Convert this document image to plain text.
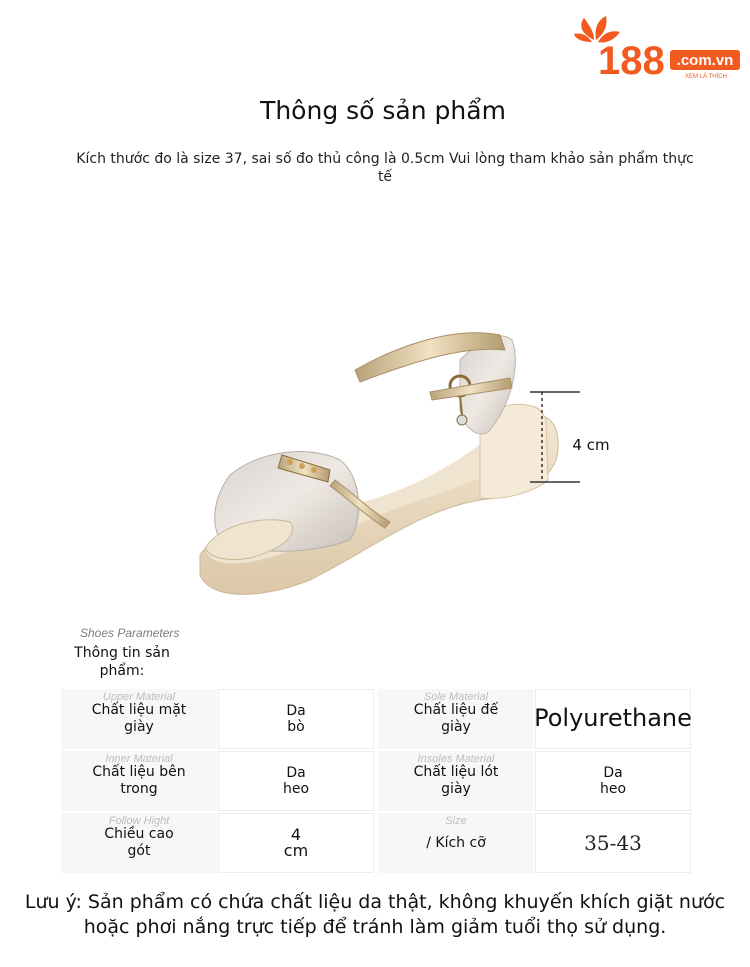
188 .com.vn
XEM LÀ THÍCH
Thông số sản phẩm
Kích thước đo là size 37, sai số đo thủ công là 0.5cm Vui lòng tham khảo sản phẩm thực tế
4 cm
Shoes Parameters
Thông tin sản phẩm:
Upper Material
Chất liệu mặt giày
Da bò
Sole Material
Chất liệu đế giày	Polyurethane
Inner Material
Chất liệu bên trong
Da heo
Insoles Material
Chất liệu lót giày
Da heo
Follow Hight
Chiều cao gót
4 cm
Size
/ Kích cỡ	35-43
Lưu ý: Sản phẩm có chứa chất liệu da thật, không khuyến khích giặt nước hoặc phơi nắng trực tiếp để tránh làm giảm tuổi thọ sử dụng.
